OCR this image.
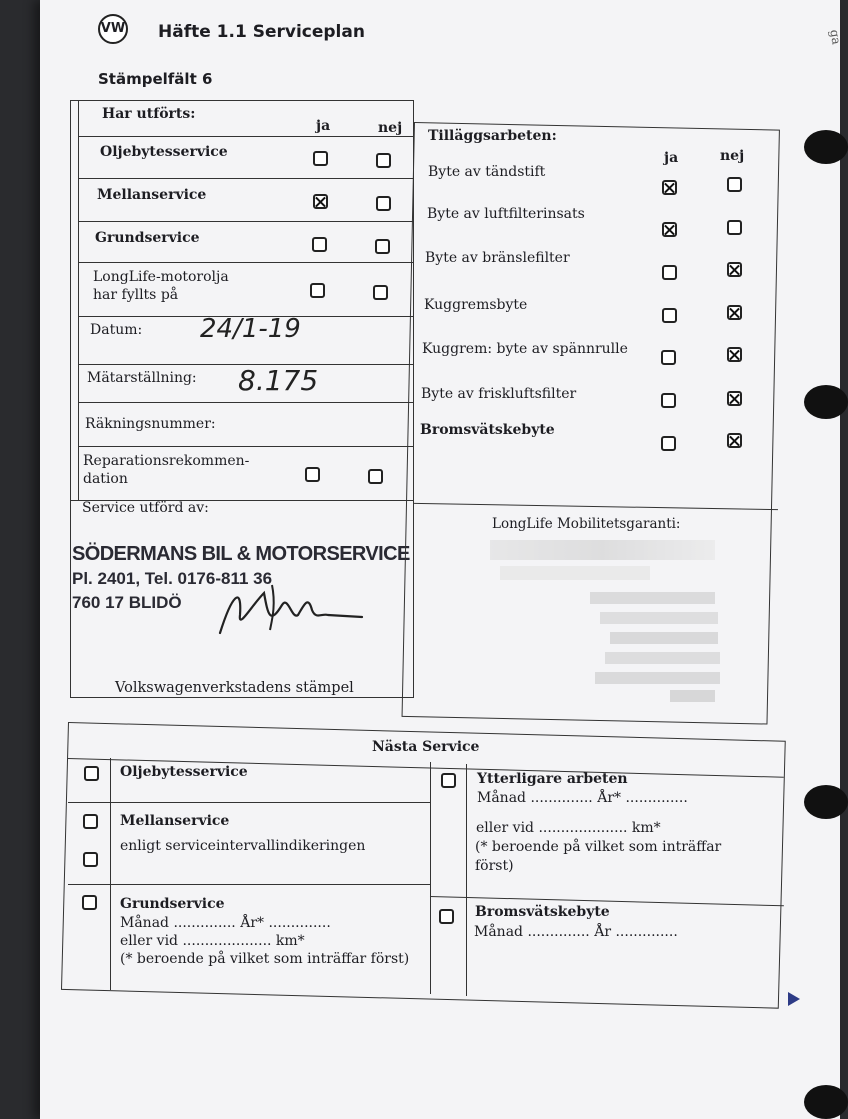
ga
VW Häfte 1.1 Serviceplan
Stämpelfält 6
Har utförts:
ja	nej
Oljebytesservice
Mellanservice
Grundservice
LongLife-motorolja
har fyllts på
Datum: 24/1-19
Mätarställning: 8.175
Räkningsnummer:
Reparationsrekommen-
dation
Service utförd av:
SÖDERMANS BIL & MOTORSERVICE
Pl. 2401, Tel. 0176-811 36
760 17 BLIDÖ
Volkswagenverkstadens stämpel
Tilläggsarbeten:
ja	nej
Byte av tändstift
Byte av luftfilterinsats
Byte av bränslefilter
Kuggremsbyte
Kuggrem: byte av spännrulle
Byte av friskluftsfilter
Bromsvätskebyte
LongLife Mobilitetsgaranti:
Nästa Service
Oljebytesservice
Mellanservice
enligt serviceintervallindikeringen
Grundservice
Månad .............. År* ..............
eller vid .................... km*
(* beroende på vilket som inträffar först)
Ytterligare arbeten
Månad .............. År* ..............
eller vid .................... km*
(* beroende på vilket som inträffar
först)
Bromsvätskebyte
Månad .............. År ..............
